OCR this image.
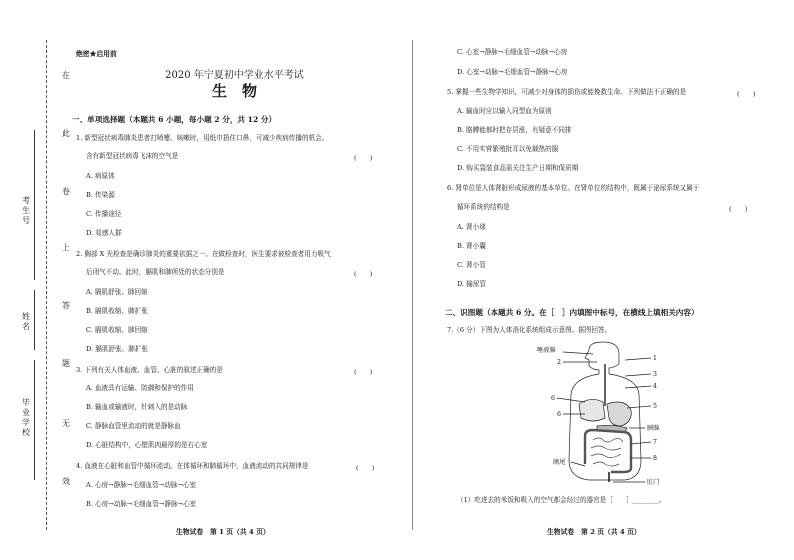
在
此
卷
上
答
题
无
效
考生号
姓名
毕业学校
绝密★启用前
2020 年宁夏初中学业水平考试
生　物
一、单项选择题（本题共 6 小题，每小题 2 分，共 12 分）
1. 新型冠状病毒肺炎患者打喷嚏、咳嗽时，用纸巾捂住口鼻，可减少疾病传播的机会。
含有新型冠状病毒飞沫的空气是	(　　)
A. 病原体
B. 传染源
C. 传播途径
D. 易感人群
2. 胸部 X 光检查是确诊肺炎的重要依据之一。在做检查时，医生要求被检查者用力吸气
后闭气不动。此时，膈肌和肺所处的状态分别是	(　　)
A. 膈肌舒张、肺回缩
B. 膈肌收缩、肺扩张
C. 膈肌收缩、肺回缩
D. 膈肌舒张、肺扩张
3. 下列有关人体血液、血管、心脏的叙述正确的是	(　　)
A. 血液具有运输、防御和保护的作用
B. 输血或输液时，针刺入的是动脉
C. 静脉血管里流动的就是静脉血
D. 心脏结构中，心壁肌肉最厚的是右心室
4. 血液在心脏和血管中循环流动。在体循环和肺循环中，血液流动的共同规律是	(　　)
A. 心房→静脉→毛细血管→动脉→心室
B. 心房→动脉→毛细血管→静脉→心室
生物试卷　第 1 页（共 4 页）
C. 心室→静脉→毛细血管→动脉→心房
D. 心室→动脉→毛细血管→静脉→心房
5. 掌握一些生物学知识，可减少对身体的损伤或能挽救生命。下列做法不正确的是	(　　)
A. 输血时应以输入同型血为原则
B. 胳膊能都时把存居涨，有疑意不同排
C. 不用实营繁殖批耳以免载热的服
D. 购买袋装食品需关注生产日期和保质期
6. 肾单位是人体肾脏形成尿液的基本单位。在肾单位的结构中，既属于泌尿系统又属于
循环系统的结构是	(　　)
A. 肾小球
B. 肾小囊
C. 肾小管
D. 输尿管
二、识图题（本题共 6 分。在［　］内填图中标号，在横线上填相关内容）
7.（6 分）下图为人体消化系统组成示意图。据图回答。
唾液腺
2
1
3
4
6
5
6
胰腺
7
8
阑尾
肛门
（1）吃进去的米饭和吸入的空气都会经过的器官是［　　］________。
生物试卷　第 2 页（共 4 页）
